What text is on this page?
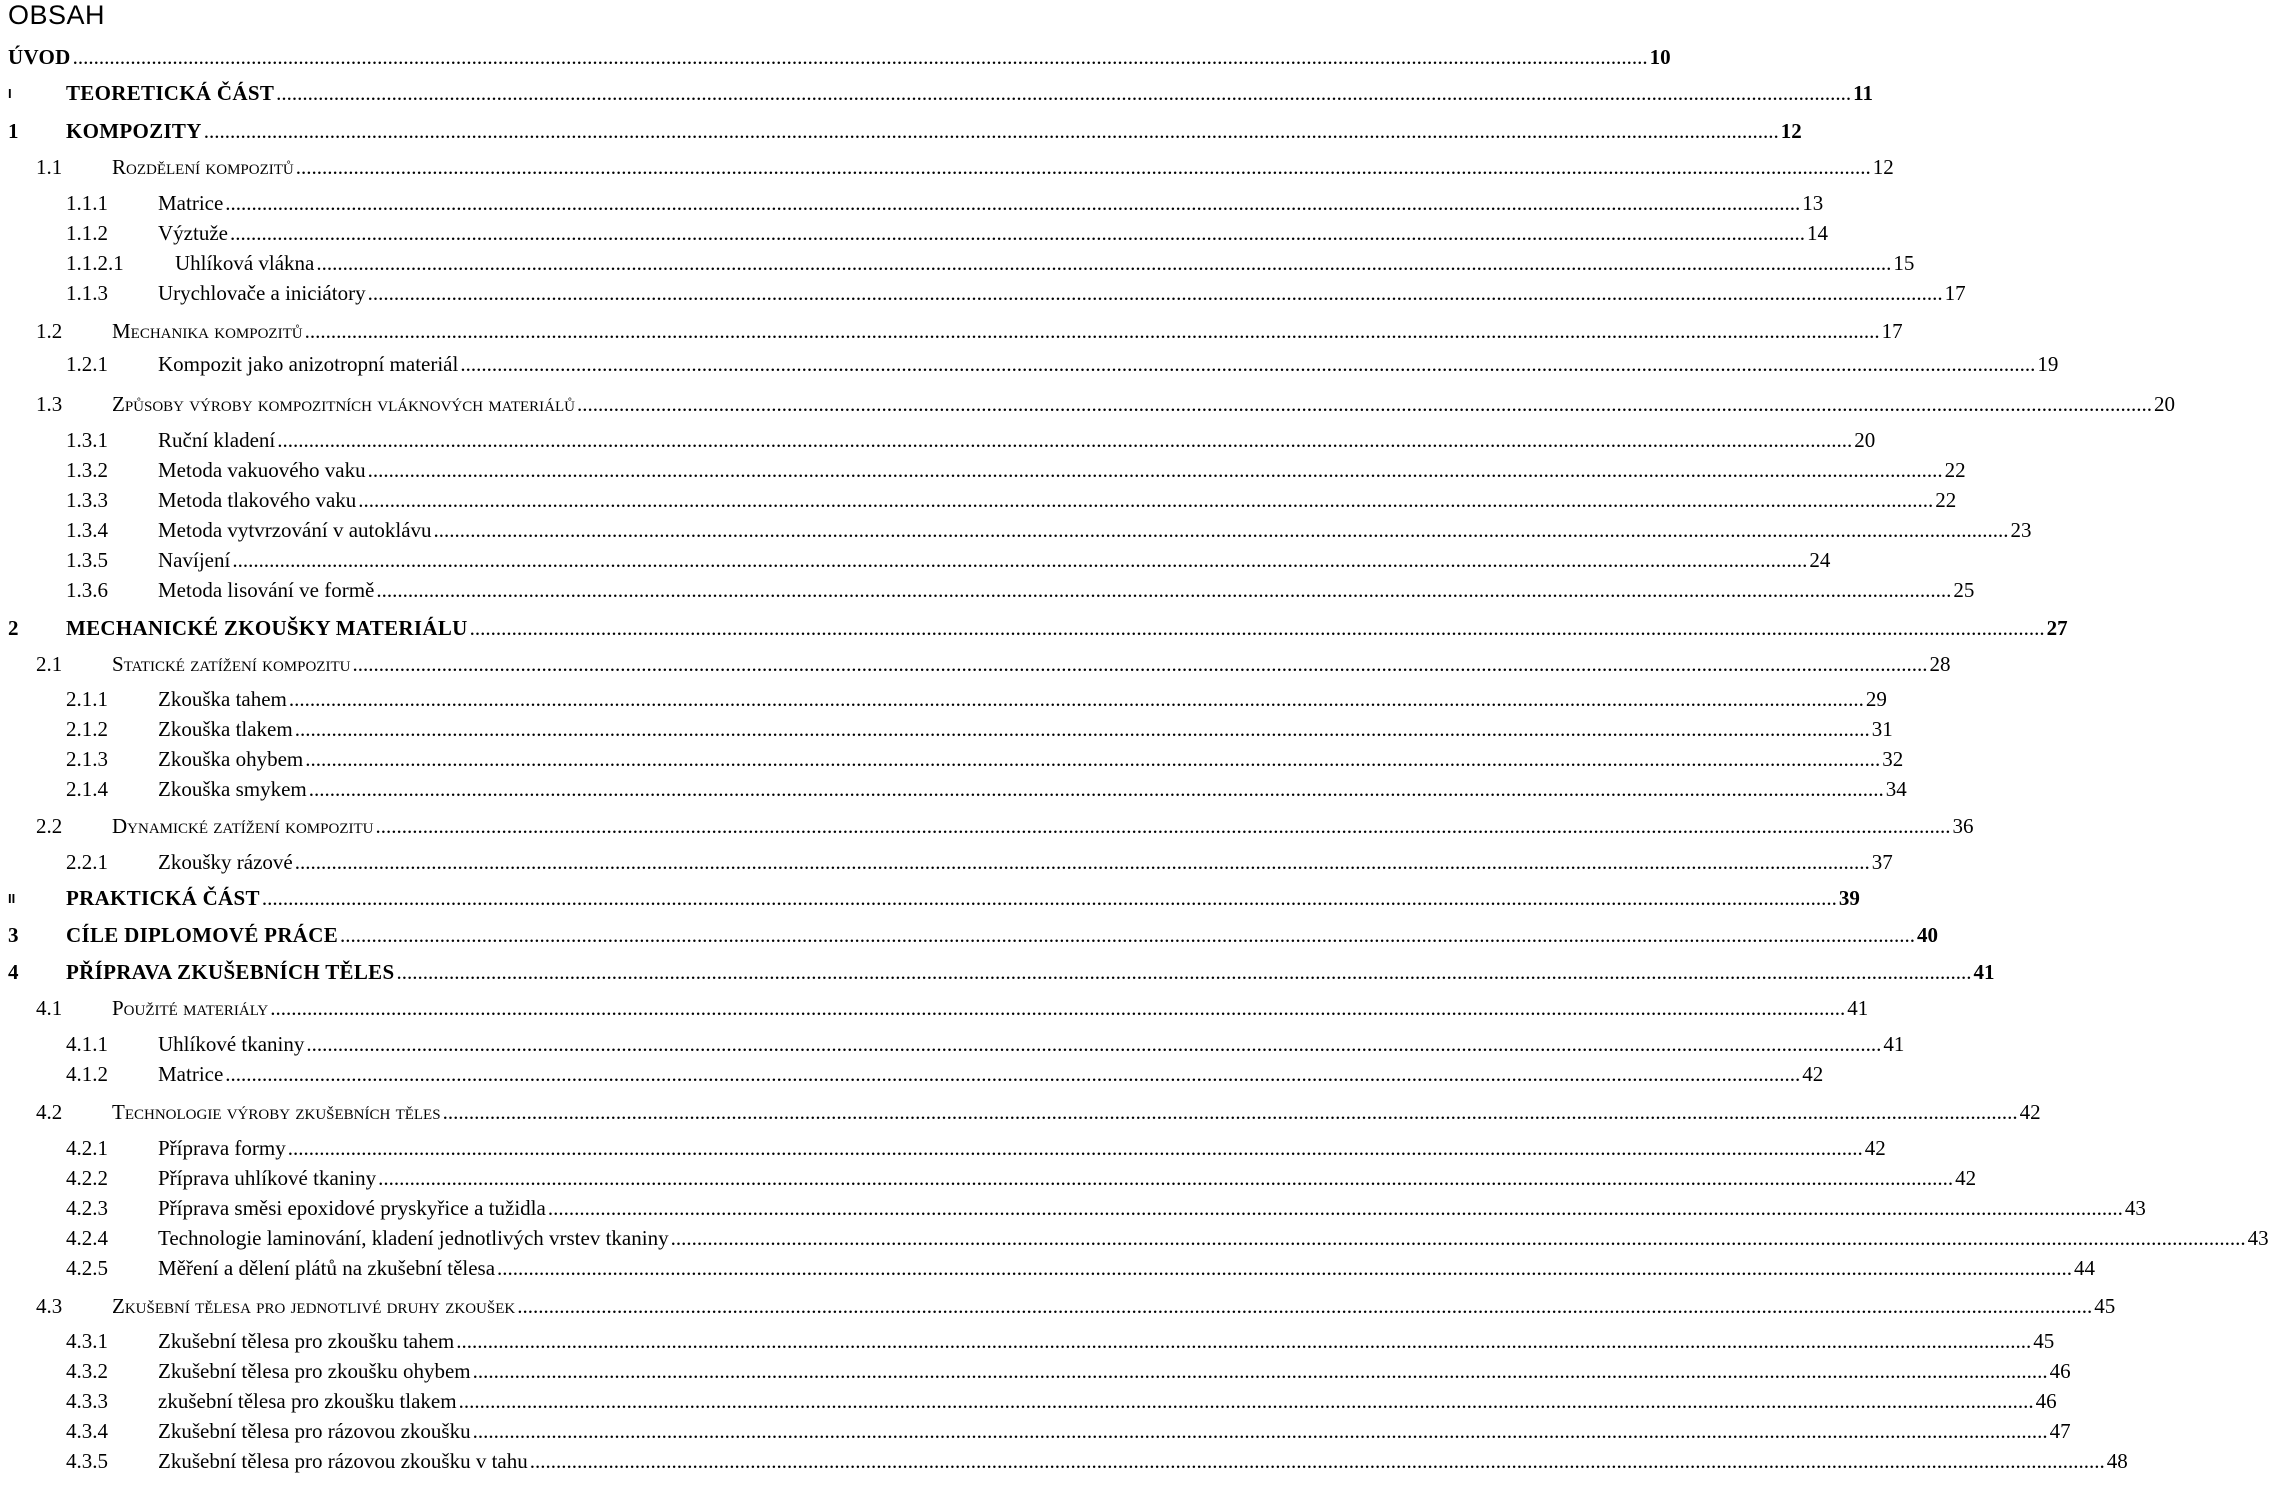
OBSAH
ÚVOD ............................................................................................................................................................................................................................................................................................................ 10
I	TEORETICKÁ ČÁST ............................................................................................................................................................................................................................................................................................................ 11
1 KOMPOZITY ............................................................................................................................................................................................................................................................................................................ 12
1.1 Rozdělení kompozitů ............................................................................................................................................................................................................................................................................................................ 12
1.1.1 Matrice ............................................................................................................................................................................................................................................................................................................ 13
1.1.2 Výztuže ............................................................................................................................................................................................................................................................................................................ 14
1.1.2.1 Uhlíková vlákna ............................................................................................................................................................................................................................................................................................................ 15
1.1.3 Urychlovače a iniciátory ............................................................................................................................................................................................................................................................................................................ 17
1.2 Mechanika kompozitů ............................................................................................................................................................................................................................................................................................................ 17
1.2.1 Kompozit jako anizotropní materiál ............................................................................................................................................................................................................................................................................................................ 19
1.3 Způsoby výroby kompozitních vláknových materiálů ............................................................................................................................................................................................................................................................................................................ 20
1.3.1 Ruční kladení ............................................................................................................................................................................................................................................................................................................ 20
1.3.2 Metoda vakuového vaku ............................................................................................................................................................................................................................................................................................................ 22
1.3.3 Metoda tlakového vaku ............................................................................................................................................................................................................................................................................................................ 22
1.3.4 Metoda vytvrzování v autoklávu ............................................................................................................................................................................................................................................................................................................ 23
1.3.5 Navíjení ............................................................................................................................................................................................................................................................................................................ 24
1.3.6 Metoda lisování ve formě ............................................................................................................................................................................................................................................................................................................ 25
2 MECHANICKÉ ZKOUŠKY MATERIÁLU ............................................................................................................................................................................................................................................................................................................ 27
2.1 Statické zatížení kompozitu ............................................................................................................................................................................................................................................................................................................ 28
2.1.1 Zkouška tahem ............................................................................................................................................................................................................................................................................................................ 29
2.1.2 Zkouška tlakem ............................................................................................................................................................................................................................................................................................................ 31
2.1.3 Zkouška ohybem ............................................................................................................................................................................................................................................................................................................ 32
2.1.4 Zkouška smykem ............................................................................................................................................................................................................................................................................................................ 34
2.2 Dynamické zatížení kompozitu ............................................................................................................................................................................................................................................................................................................ 36
2.2.1 Zkoušky rázové ............................................................................................................................................................................................................................................................................................................ 37
II PRAKTICKÁ ČÁST ............................................................................................................................................................................................................................................................................................................ 39
3 CÍLE DIPLOMOVÉ PRÁCE ............................................................................................................................................................................................................................................................................................................ 40
4 PŘÍPRAVA ZKUŠEBNÍCH TĚLES ............................................................................................................................................................................................................................................................................................................ 41
4.1 Použité materiály ............................................................................................................................................................................................................................................................................................................ 41
4.1.1 Uhlíkové tkaniny ............................................................................................................................................................................................................................................................................................................ 41
4.1.2 Matrice ............................................................................................................................................................................................................................................................................................................ 42
4.2 Technologie výroby zkušebních těles ............................................................................................................................................................................................................................................................................................................ 42
4.2.1 Příprava formy ............................................................................................................................................................................................................................................................................................................ 42
4.2.2 Příprava uhlíkové tkaniny ............................................................................................................................................................................................................................................................................................................ 42
4.2.3 Příprava směsi epoxidové pryskyřice a tužidla ............................................................................................................................................................................................................................................................................................................ 43
4.2.4 Technologie laminování, kladení jednotlivých vrstev tkaniny ............................................................................................................................................................................................................................................................................................................ 43
4.2.5 Měření a dělení plátů na zkušební tělesa ............................................................................................................................................................................................................................................................................................................ 44
4.3 Zkušební tělesa pro jednotlivé druhy zkoušek ............................................................................................................................................................................................................................................................................................................ 45
4.3.1 Zkušební tělesa pro zkoušku tahem ............................................................................................................................................................................................................................................................................................................ 45
4.3.2 Zkušební tělesa pro zkoušku ohybem ............................................................................................................................................................................................................................................................................................................ 46
4.3.3 zkušební tělesa pro zkoušku tlakem ............................................................................................................................................................................................................................................................................................................ 46
4.3.4 Zkušební tělesa pro rázovou zkoušku ............................................................................................................................................................................................................................................................................................................ 47
4.3.5 Zkušební tělesa pro rázovou zkoušku v tahu ............................................................................................................................................................................................................................................................................................................ 48
